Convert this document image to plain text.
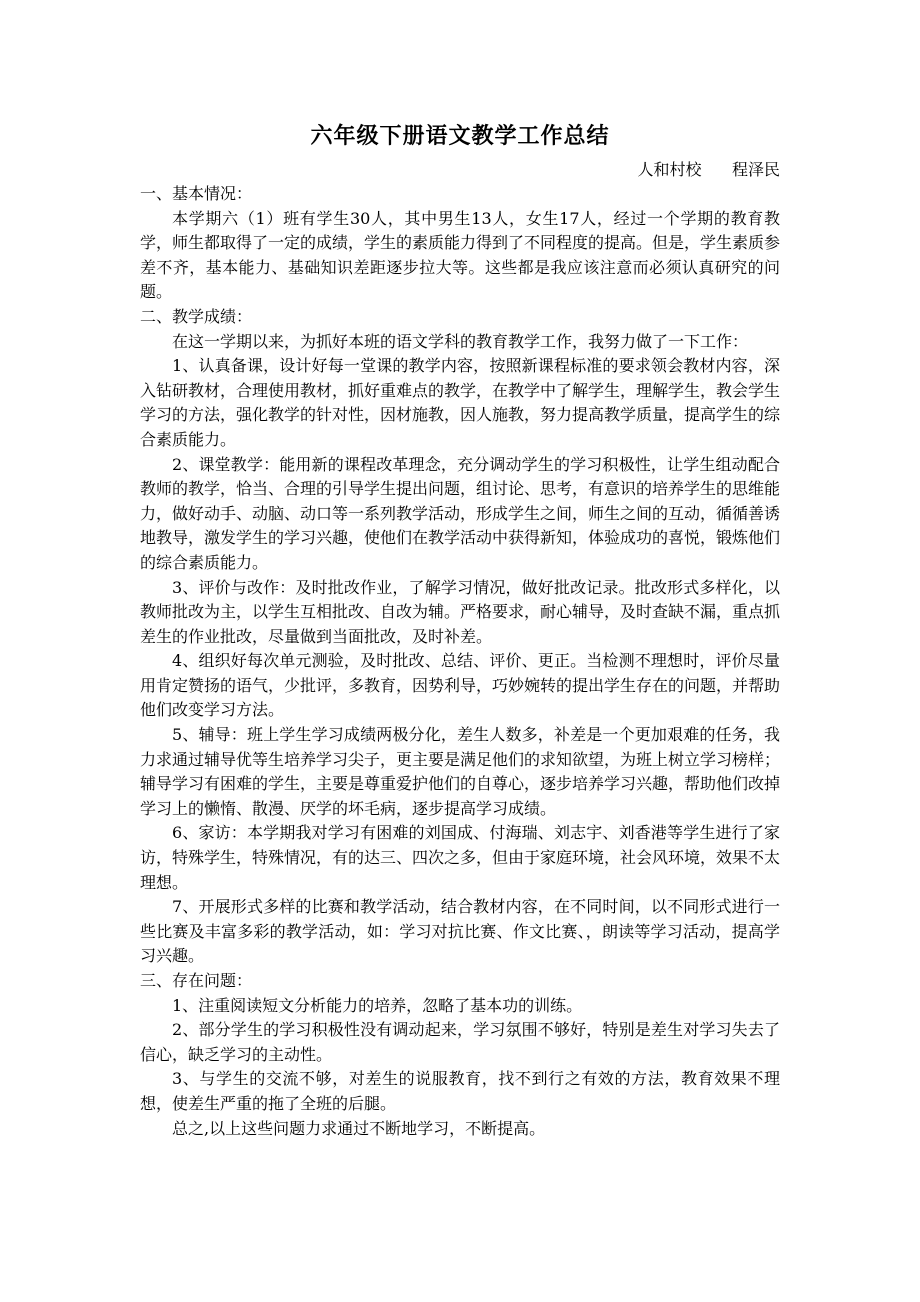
六年级下册语文教学工作总结

人和村校      程泽民

一、基本情况：

本学期六（1）班有学生30人，其中男生13人，女生17人，经过一个学期的教育教学，师生都取得了一定的成绩，学生的素质能力得到了不同程度的提高。但是，学生素质参差不齐，基本能力、基础知识差距逐步拉大等。这些都是我应该注意而必须认真研究的问题。

二、教学成绩：

在这一学期以来，为抓好本班的语文学科的教育教学工作，我努力做了一下工作：

1、认真备课，设计好每一堂课的教学内容，按照新课程标准的要求领会教材内容，深入钻研教材，合理使用教材，抓好重难点的教学，在教学中了解学生，理解学生，教会学生学习的方法，强化教学的针对性，因材施教，因人施教，努力提高教学质量，提高学生的综合素质能力。

2、课堂教学：能用新的课程改革理念，充分调动学生的学习积极性，让学生组动配合教师的教学，恰当、合理的引导学生提出问题，组讨论、思考，有意识的培养学生的思维能力，做好动手、动脑、动口等一系列教学活动，形成学生之间，师生之间的互动，循循善诱地教导，激发学生的学习兴趣，使他们在教学活动中获得新知，体验成功的喜悦，锻炼他们的综合素质能力。

3、评价与改作：及时批改作业，了解学习情况，做好批改记录。批改形式多样化，以教师批改为主，以学生互相批改、自改为辅。严格要求，耐心辅导，及时查缺不漏，重点抓差生的作业批改，尽量做到当面批改，及时补差。

4、组织好每次单元测验，及时批改、总结、评价、更正。当检测不理想时，评价尽量用肯定赞扬的语气，少批评，多教育，因势利导，巧妙婉转的提出学生存在的问题，并帮助他们改变学习方法。

5、辅导：班上学生学习成绩两极分化，差生人数多，补差是一个更加艰难的任务，我力求通过辅导优等生培养学习尖子，更主要是满足他们的求知欲望，为班上树立学习榜样；辅导学习有困难的学生，主要是尊重爱护他们的自尊心，逐步培养学习兴趣，帮助他们改掉学习上的懒惰、散漫、厌学的坏毛病，逐步提高学习成绩。

6、家访：本学期我对学习有困难的刘国成、付海瑞、刘志宇、刘香港等学生进行了家访，特殊学生，特殊情况，有的达三、四次之多，但由于家庭环境，社会风环境，效果不太理想。

7、开展形式多样的比赛和教学活动，结合教材内容，在不同时间，以不同形式进行一些比赛及丰富多彩的教学活动，如：学习对抗比赛、作文比赛、，朗读等学习活动，提高学习兴趣。

三、存在问题：

1、注重阅读短文分析能力的培养，忽略了基本功的训练。

2、部分学生的学习积极性没有调动起来，学习氛围不够好，特别是差生对学习失去了信心，缺乏学习的主动性。

3、与学生的交流不够，对差生的说服教育，找不到行之有效的方法，教育效果不理想，使差生严重的拖了全班的后腿。

总之,以上这些问题力求通过不断地学习，不断提高。
